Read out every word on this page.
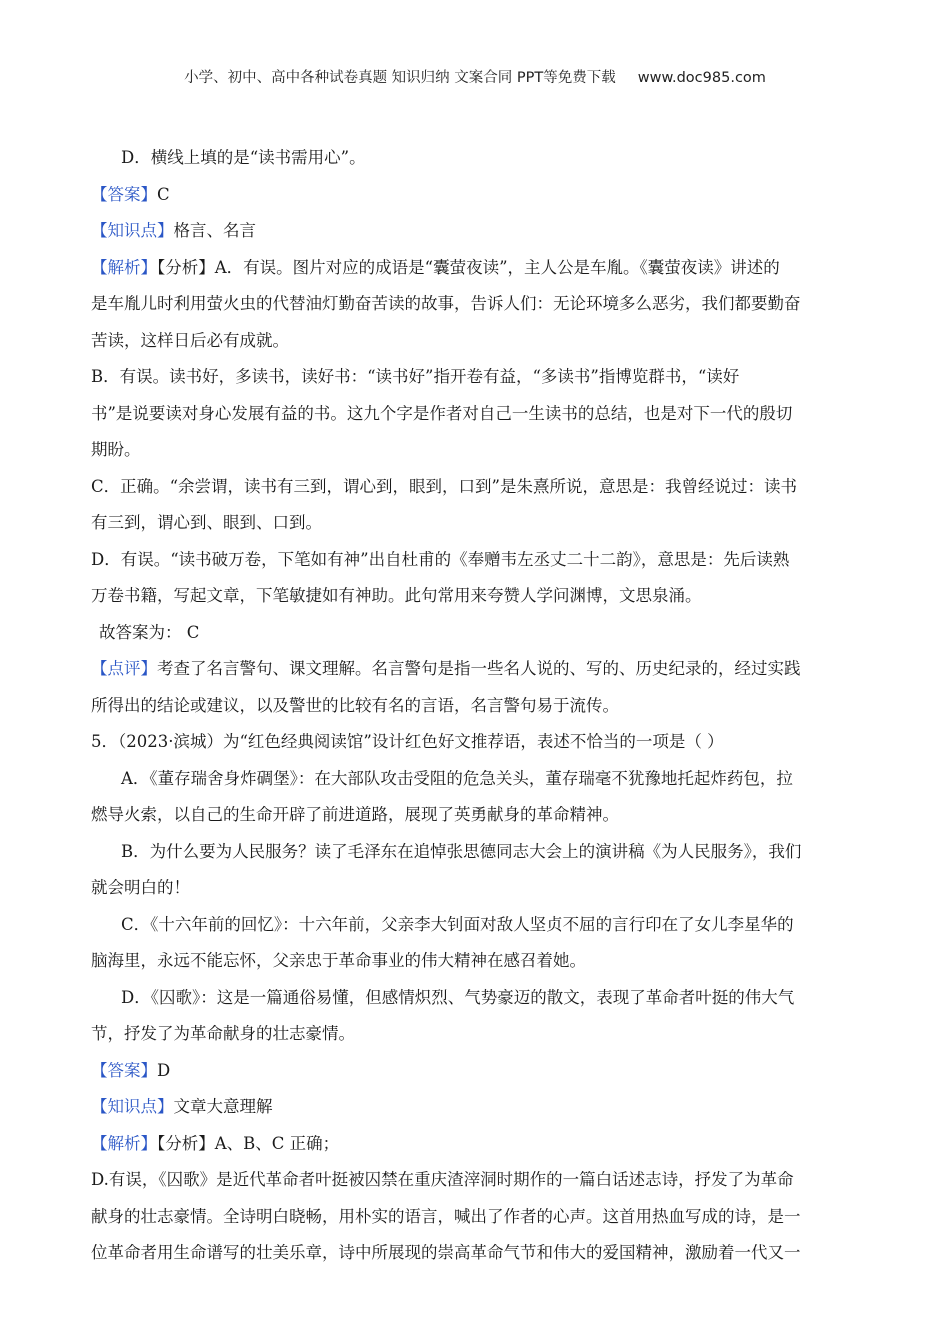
小学、初中、高中各种试卷真题 知识归纳 文案合同 PPT等免费下载 www.doc985.com

D．横线上填的是“读书需用心”。

【答案】C

【知识点】格言、名言

【解析】【分析】A．有误。图片对应的成语是“囊萤夜读”，主人公是车胤。《囊萤夜读》讲述的

是车胤儿时利用萤火虫的代替油灯勤奋苦读的故事，告诉人们：无论环境多么恶劣，我们都要勤奋

苦读，这样日后必有成就。

B．有误。读书好，多读书，读好书：“读书好”指开卷有益，“多读书”指博览群书，“读好

书”是说要读对身心发展有益的书。这九个字是作者对自己一生读书的总结，也是对下一代的殷切

期盼。

C．正确。“余尝谓，读书有三到，谓心到，眼到，口到”是朱熹所说，意思是：我曾经说过：读书

有三到，谓心到、眼到、口到。

D．有误。“读书破万卷，下笔如有神”出自杜甫的《奉赠韦左丞丈二十二韵》，意思是：先后读熟

万卷书籍，写起文章，下笔敏捷如有神助。此句常用来夸赞人学问渊博，文思泉涌。

故答案为： C

【点评】考查了名言警句、课文理解。名言警句是指一些名人说的、写的、历史纪录的，经过实践

所得出的结论或建议，以及警世的比较有名的言语，名言警句易于流传。

5．（2023·滨城）为“红色经典阅读馆”设计红色好文推荐语，表述不恰当的一项是（ ）

A．《董存瑞舍身炸碉堡》：在大部队攻击受阻的危急关头，董存瑞毫不犹豫地托起炸药包，拉

燃导火索，以自己的生命开辟了前进道路，展现了英勇献身的革命精神。

B．为什么要为人民服务？读了毛泽东在追悼张思德同志大会上的演讲稿《为人民服务》，我们

就会明白的！

C．《十六年前的回忆》：十六年前，父亲李大钊面对敌人坚贞不屈的言行印在了女儿李星华的

脑海里，永远不能忘怀，父亲忠于革命事业的伟大精神在感召着她。

D．《囚歌》：这是一篇通俗易懂，但感情炽烈、气势豪迈的散文，表现了革命者叶挺的伟大气

节，抒发了为革命献身的壮志豪情。

【答案】D

【知识点】文章大意理解

【解析】【分析】A、B、C 正确；

D.有误，《囚歌》是近代革命者叶挺被囚禁在重庆渣滓洞时期作的一篇白话述志诗，抒发了为革命

献身的壮志豪情。全诗明白晓畅，用朴实的语言，喊出了作者的心声。这首用热血写成的诗，是一

位革命者用生命谱写的壮美乐章，诗中所展现的崇高革命气节和伟大的爱国精神，激励着一代又一
